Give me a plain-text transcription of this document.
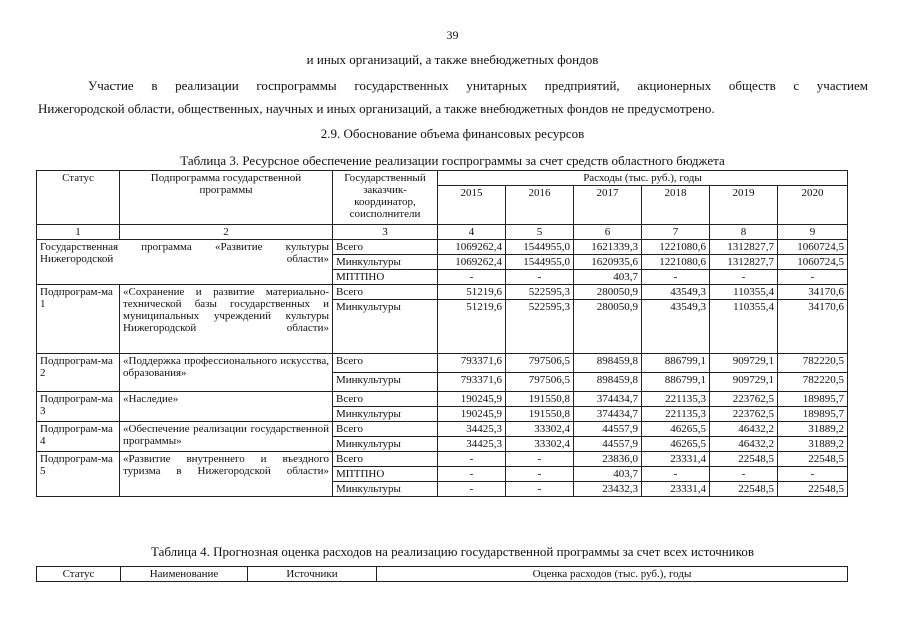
39
и иных организаций, а также внебюджетных фондов
Участие в реализации госпрограммы государственных унитарных предприятий, акционерных обществ с участием
Нижегородской области, общественных, научных и иных организаций, а также внебюджетных фондов не предусмотрено.
2.9. Обоснование объема финансовых ресурсов
Таблица 3. Ресурсное обеспечение реализации госпрограммы за счет средств областного бюджета
Статус	Подпрограмма государственной программы	Государственный заказчик-координатор, соисполнители	Расходы (тыс. руб.), годы					
			2015	2016	2017	2018	2019	2020
1	2	3	4	5	6	7	8	9
Государственная программа «Развитие культуры Нижегородской области»		Всего	1069262,4	1544955,0	1621339,3	1221080,6	1312827,7	1060724,5
		Минкультуры	1069262,4	1544955,0	1620935,6	1221080,6	1312827,7	1060724,5
		МПТПНО	-	-	403,7	-	-	-
Подпрограм-ма 1	«Сохранение и развитие материально-технической базы государственных и муниципальных учреждений культуры Нижегородской области»	Всего	51219,6	522595,3	280050,9	43549,3	110355,4	34170,6
		Минкультуры	51219,6	522595,3	280050,9	43549,3	110355,4	34170,6
Подпрограм-ма 2	«Поддержка профессионального искусства, образования»	Всего	793371,6	797506,5	898459,8	886799,1	909729,1	782220,5
		Минкультуры	793371,6	797506,5	898459,8	886799,1	909729,1	782220,5
Подпрограм-ма 3	«Наследие»	Всего	190245,9	191550,8	374434,7	221135,3	223762,5	189895,7
		Минкультуры	190245,9	191550,8	374434,7	221135,3	223762,5	189895,7
Подпрограм-ма 4	«Обеспечение реализации государственной программы»	Всего	34425,3	33302,4	44557,9	46265,5	46432,2	31889,2
		Минкультуры	34425,3	33302,4	44557,9	46265,5	46432,2	31889,2
Подпрограм-ма 5	«Развитие внутреннего и въездного туризма в Нижегородской области»	Всего	-	-	23836,0	23331,4	22548,5	22548,5
		МПТПНО	-	-	403,7	-	-	-
		Минкультуры	-	-	23432,3	23331,4	22548,5	22548,5
Таблица 4. Прогнозная оценка расходов на реализацию государственной программы за счет всех источников
Статус	Наименование	Источники	Оценка расходов (тыс. руб.), годы
